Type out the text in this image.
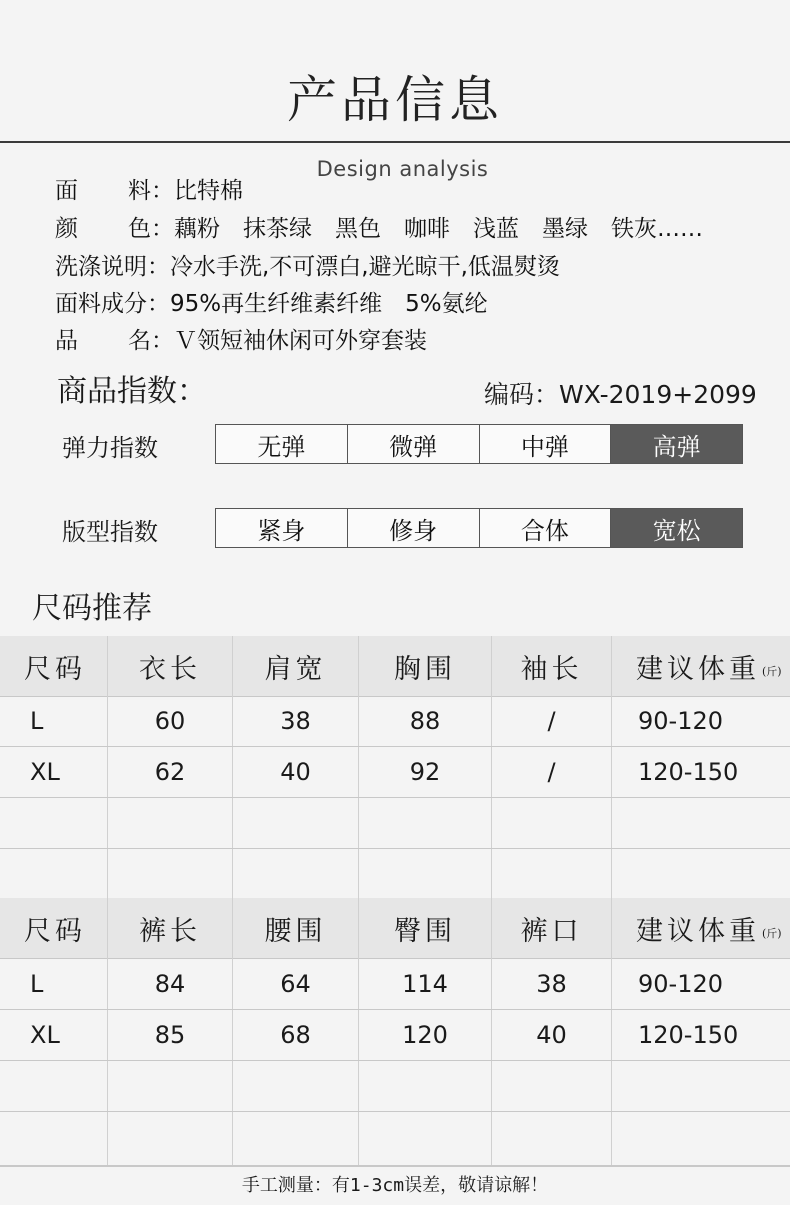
产品信息
Design analysis
面 料 ：比特棉
颜 色 ：藕粉　抹茶绿　黑色　咖啡　浅蓝　墨绿　铁灰……
洗涤说明：冷水手洗,不可漂白,避光晾干,低温熨烫
面料成分：95%再生纤维素纤维　5%氨纶
品 名 ：Ｖ领短袖休闲可外穿套装
商品指数：	编码：WX-2019+2099
弹力指数	无弹	微弹	中弹	高弹
版型指数	紧身	修身	合体	宽松
尺码推荐
尺码	衣长	肩宽	胸围	袖长	建议体重 (斤)
L	60	38	88	/	90-120
XL	62	40	92	/	120-150
尺码	裤长	腰围	臀围	裤口	建议体重 (斤)
L	84	64	114	38	90-120
XL	85	68	120	40	120-150
手工测量：有1-3cm误差，敬请谅解！
